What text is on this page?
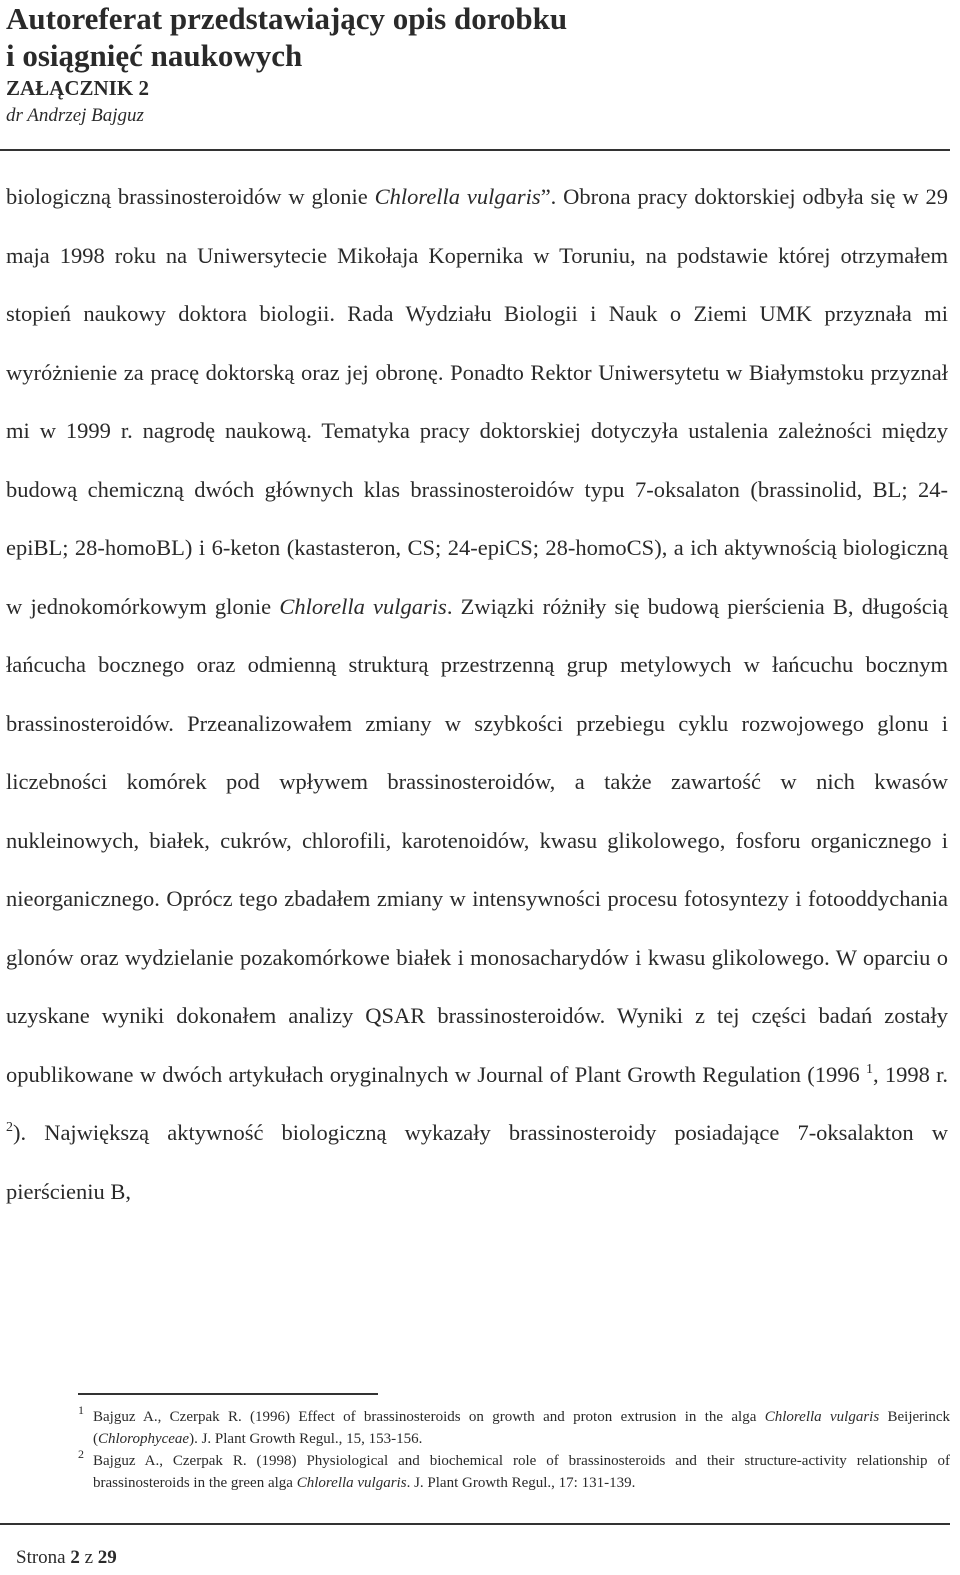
Autoreferat przedstawiający opis dorobku
i osiągnięć naukowych
ZAŁĄCZNIK 2
dr Andrzej Bajguz

biologiczną brassinosteroidów w glonie Chlorella vulgaris”. Obrona pracy doktorskiej odbyła się w 29 maja 1998 roku na Uniwersytecie Mikołaja Kopernika w Toruniu, na podstawie której otrzymałem stopień naukowy doktora biologii. Rada Wydziału Biologii i Nauk o Ziemi UMK przyznała mi wyróżnienie za pracę doktorską oraz jej obronę. Ponadto Rektor Uniwersytetu w Białymstoku przyznał mi w 1999 r. nagrodę naukową. Tematyka pracy doktorskiej dotyczyła ustalenia zależności między budową chemiczną dwóch głównych klas brassinosteroidów typu 7-oksalaton (brassinolid, BL; 24-epiBL; 28-homoBL) i 6-keton (kastasteron, CS; 24-epiCS; 28-homoCS), a ich aktywnością biologiczną w jednokomórkowym glonie Chlorella vulgaris. Związki różniły się budową pierścienia B, długością łańcucha bocznego oraz odmienną strukturą przestrzenną grup metylowych w łańcuchu bocznym brassinosteroidów. Przeanalizowałem zmiany w szybkości przebiegu cyklu rozwojowego glonu i liczebności komórek pod wpływem brassinosteroidów, a także zawartość w nich kwasów nukleinowych, białek, cukrów, chlorofili, karotenoidów, kwasu glikolowego, fosforu organicznego i nieorganicznego. Oprócz tego zbadałem zmiany w intensywności procesu fotosyntezy i fotooddychania glonów oraz wydzielanie pozakomórkowe białek i monosacharydów i kwasu glikolowego. W oparciu o uzyskane wyniki dokonałem analizy QSAR brassinosteroidów. Wyniki z tej części badań zostały opublikowane w dwóch artykułach oryginalnych w Journal of Plant Growth Regulation (1996 $^1$, 1998 r. $^2$). Największą aktywność biologiczną wykazały brassinosteroidy posiadające 7-oksalakton w pierścieniu B,

1 Bajguz A., Czerpak R. (1996) Effect of brassinosteroids on growth and proton extrusion in the alga Chlorella vulgaris Beijerinck (Chlorophyceae). J. Plant Growth Regul., 15, 153-156.
2 Bajguz A., Czerpak R. (1998) Physiological and biochemical role of brassinosteroids and their structure-activity relationship of brassinosteroids in the green alga Chlorella vulgaris. J. Plant Growth Regul., 17: 131-139.
Strona 2 z 29
